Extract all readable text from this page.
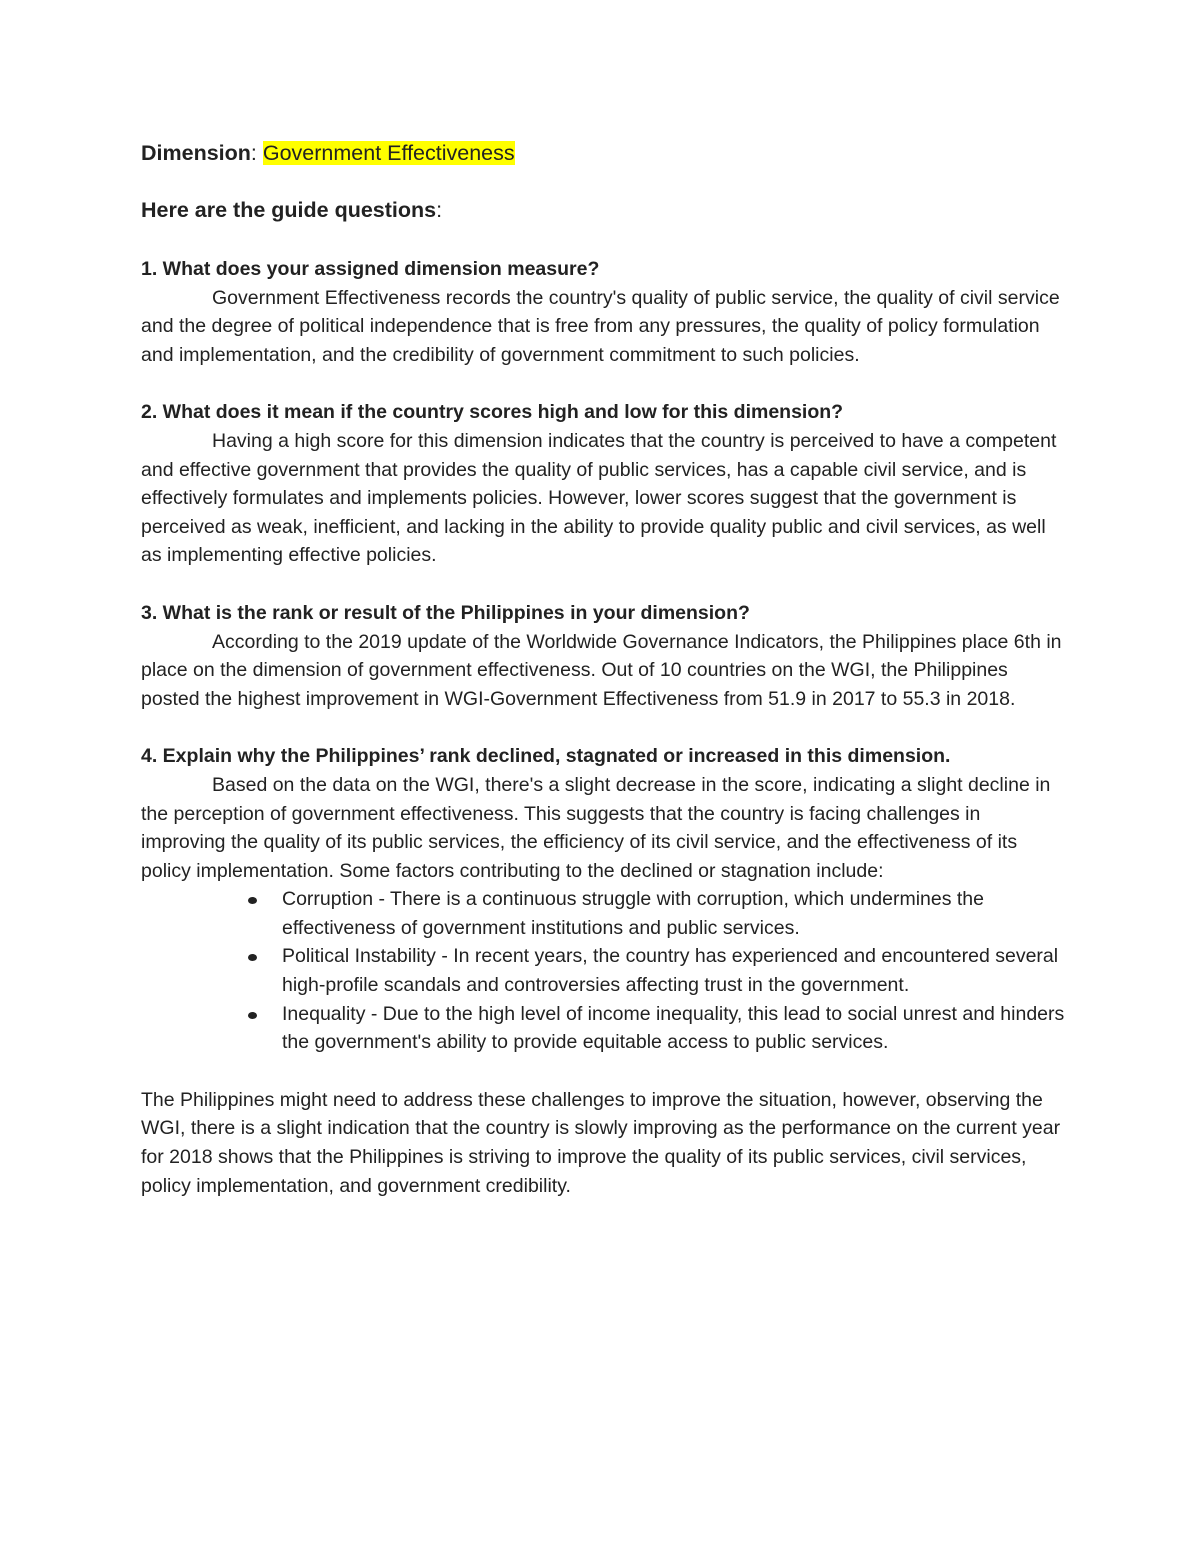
Dimension: Government Effectiveness

Here are the guide questions:

1. What does your assigned dimension measure?

Government Effectiveness records the country's quality of public service, the quality of civil service and the degree of political independence that is free from any pressures, the quality of policy formulation and implementation, and the credibility of government commitment to such policies.

2. What does it mean if the country scores high and low for this dimension?

Having a high score for this dimension indicates that the country is perceived to have a competent and effective government that provides the quality of public services, has a capable civil service, and is effectively formulates and implements policies. However, lower scores suggest that the government is perceived as weak, inefficient, and lacking in the ability to provide quality public and civil services, as well as implementing effective policies.

3. What is the rank or result of the Philippines in your dimension?

According to the 2019 update of the Worldwide Governance Indicators, the Philippines place 6th in place on the dimension of government effectiveness. Out of 10 countries on the WGI, the Philippines posted the highest improvement in WGI-Government Effectiveness from 51.9 in 2017 to 55.3 in 2018.

4. Explain why the Philippines’ rank declined, stagnated or increased in this dimension.

Based on the data on the WGI, there's a slight decrease in the score, indicating a slight decline in the perception of government effectiveness. This suggests that the country is facing challenges in improving the quality of its public services, the efficiency of its civil service, and the effectiveness of its policy implementation. Some factors contributing to the declined or stagnation include:

Corruption - There is a continuous struggle with corruption, which undermines the effectiveness of government institutions and public services.
Political Instability - In recent years, the country has experienced and encountered several high-profile scandals and controversies affecting trust in the government.
Inequality - Due to the high level of income inequality, this lead to social unrest and hinders the government's ability to provide equitable access to public services.

The Philippines might need to address these challenges to improve the situation, however, observing the WGI, there is a slight indication that the country is slowly improving as the performance on the current year for 2018 shows that the Philippines is striving to improve the quality of its public services, civil services, policy implementation, and government credibility.
